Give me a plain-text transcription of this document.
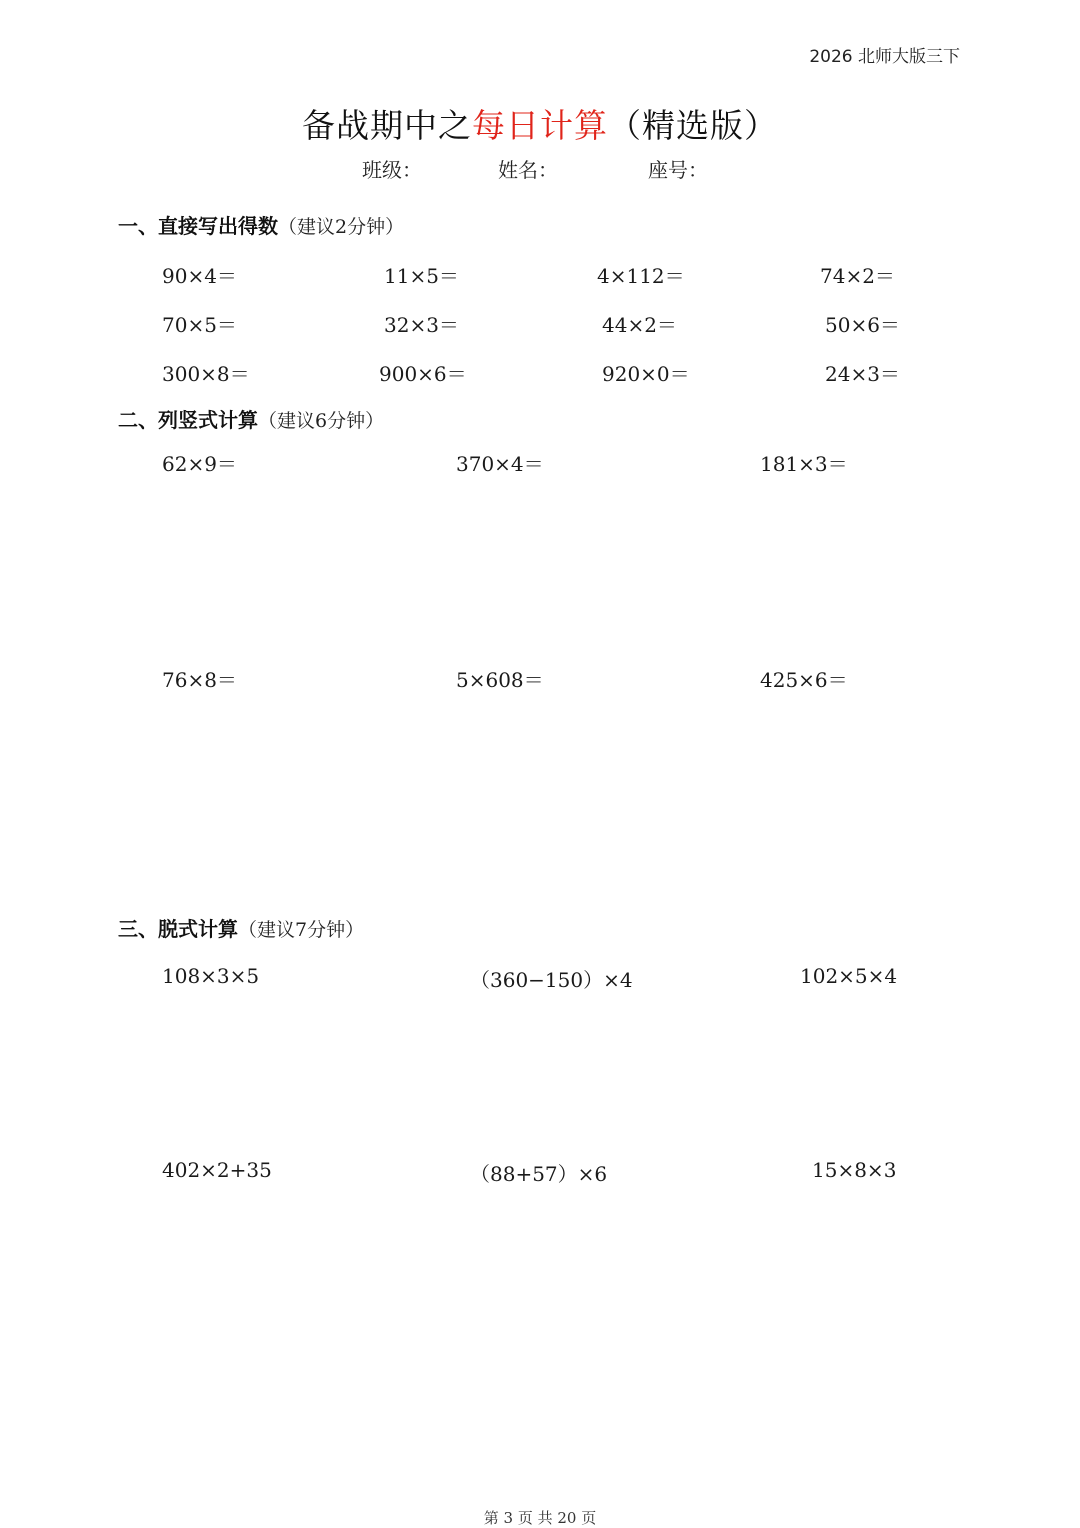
2026 北师大版三下
备战期中之每日计算（精选版）
班级：	姓名：	座号：
一、直接写出得数（建议2分钟）
90×4＝	11×5＝	4×112＝	74×2＝
70×5＝	32×3＝	44×2＝	50×6＝
300×8＝	900×6＝	920×0＝	24×3＝
二、列竖式计算（建议6分钟）
62×9＝	370×4＝	181×3＝
76×8＝	5×608＝	425×6＝
三、脱式计算（建议7分钟）
108×3×5	（360−150）×4	102×5×4
402×2+35	（88+57）×6	15×8×3
第 3 页 共 20 页
